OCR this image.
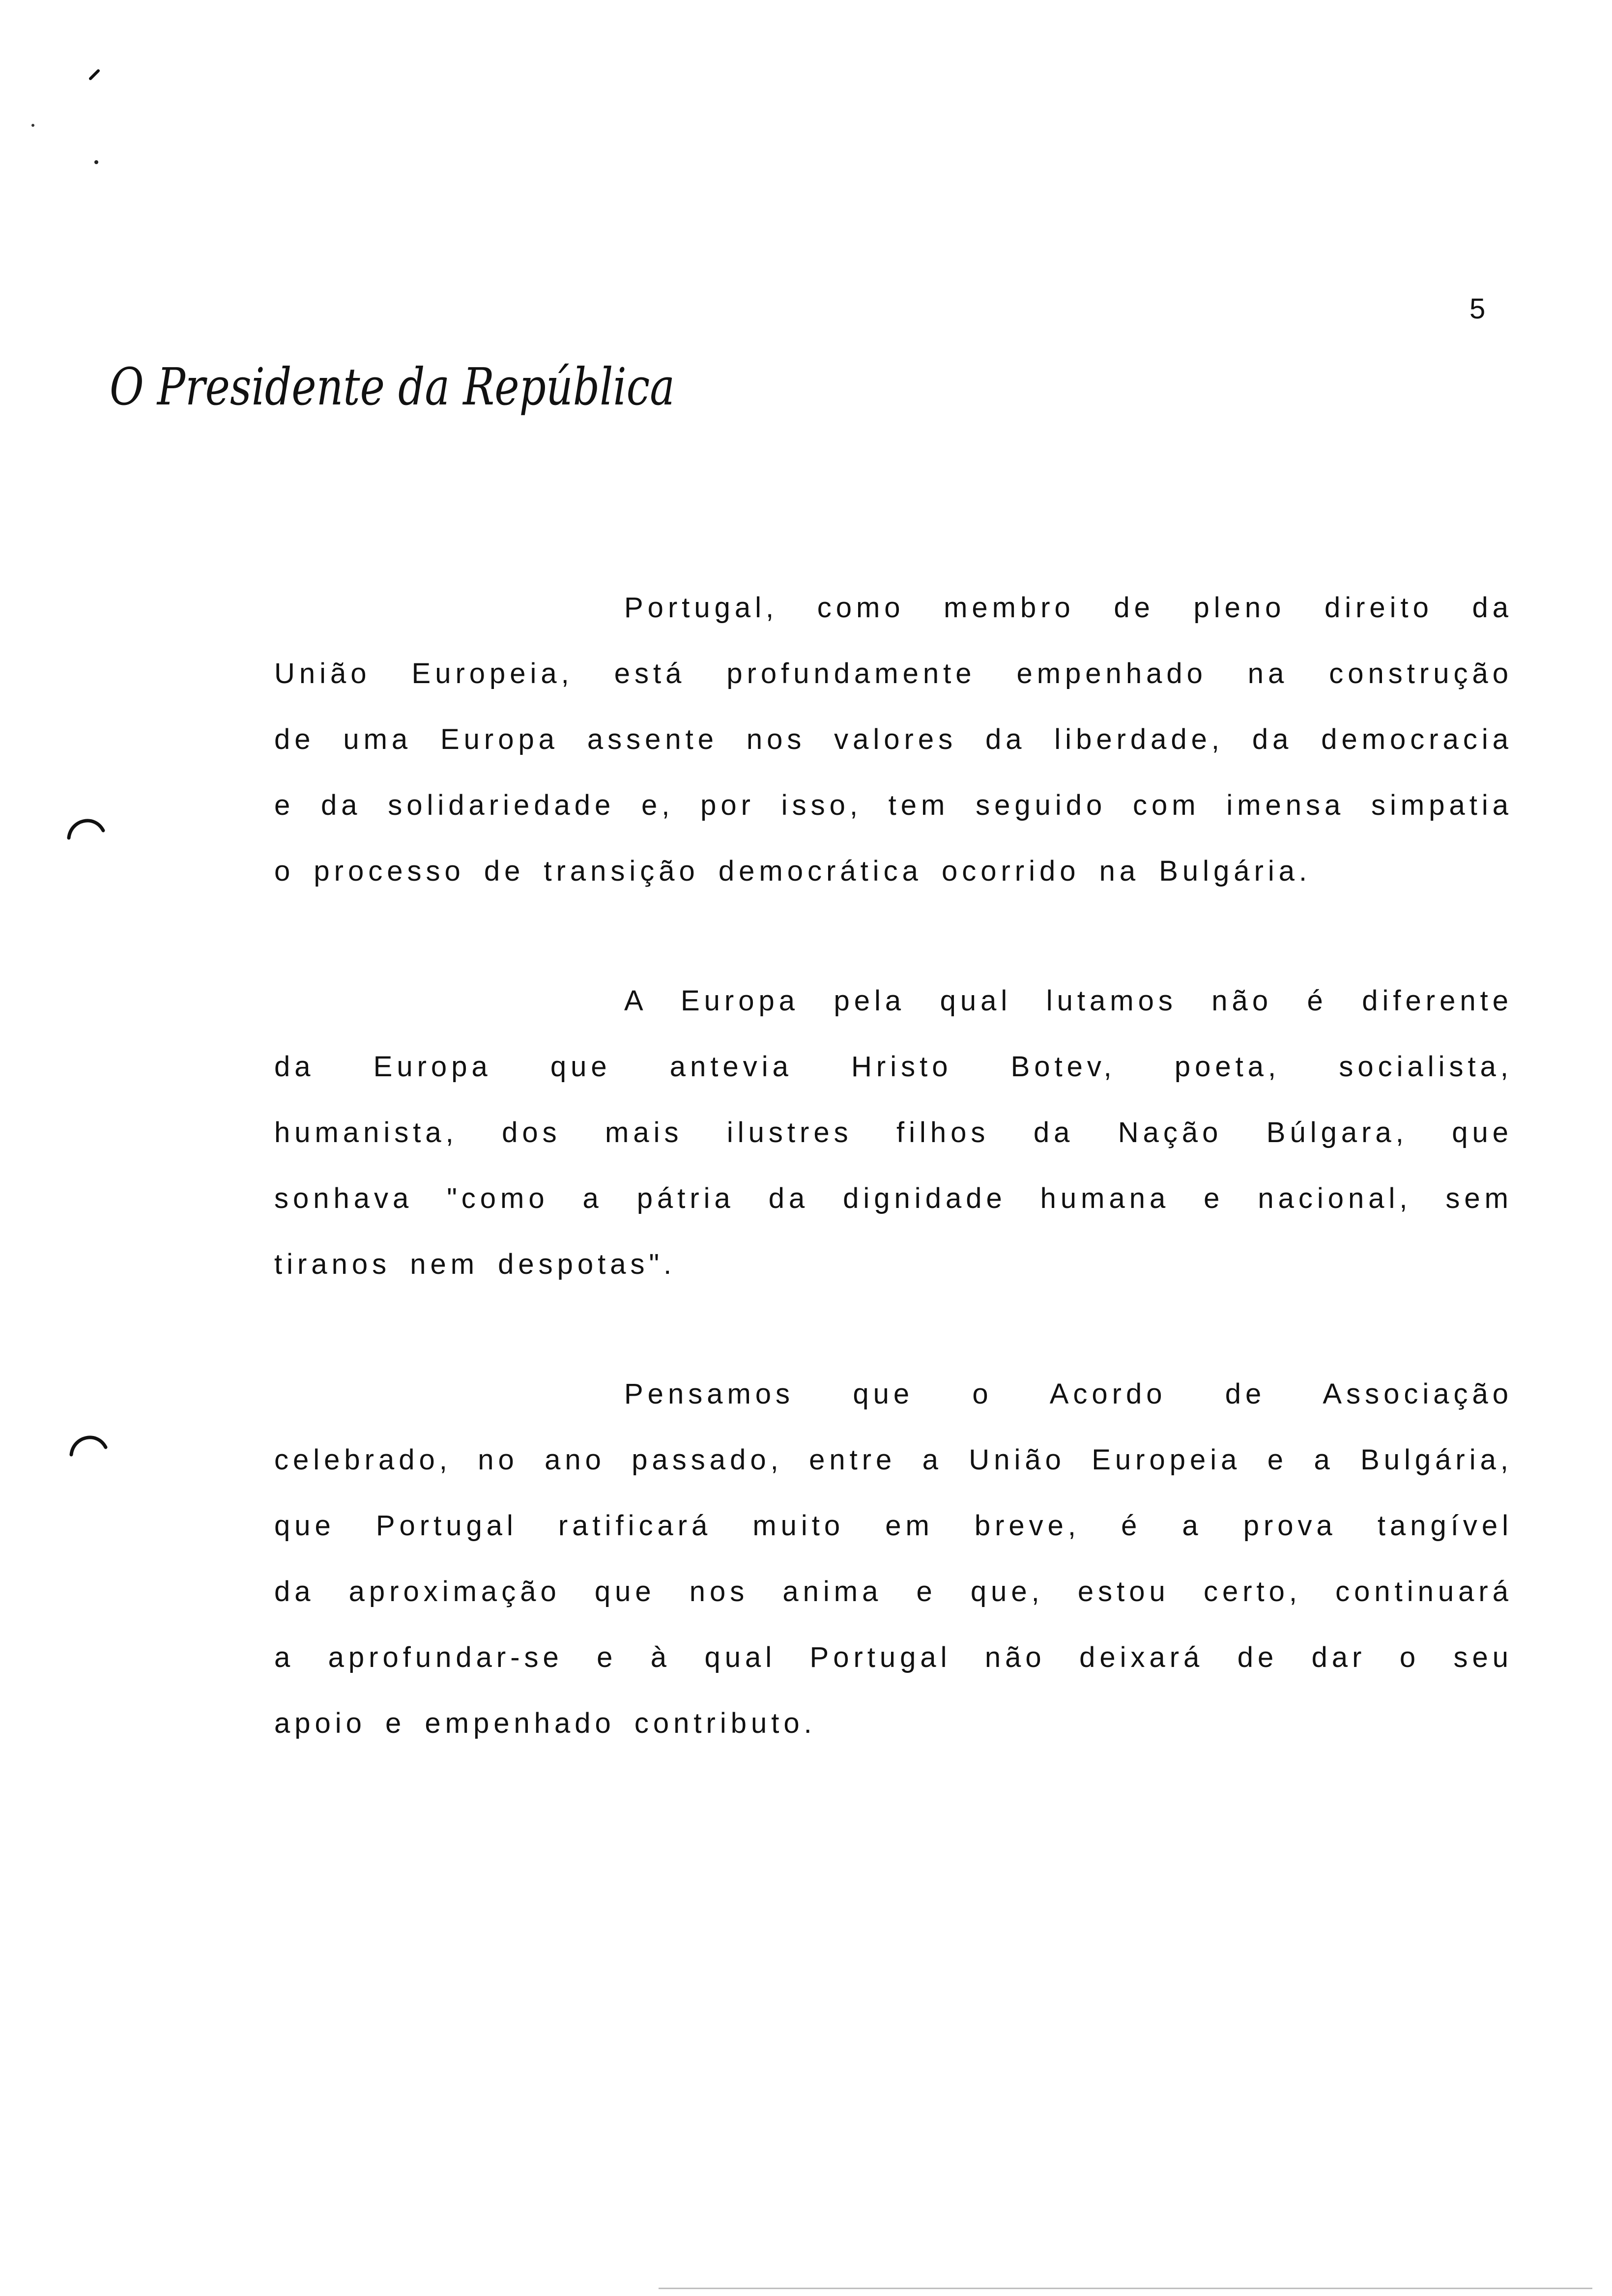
5
O Presidente da República
Portugal, como membro de pleno direito da
União Europeia, está profundamente empenhado na construção
de uma Europa assente nos valores da liberdade, da democracia
e da solidariedade e, por isso, tem seguido com imensa simpatia
o processo de transição democrática ocorrido na Bulgária.
A Europa pela qual lutamos não é diferente
da Europa que antevia Hristo Botev, poeta, socialista,
humanista, dos mais ilustres filhos da Nação Búlgara, que
sonhava "como a pátria da dignidade humana e nacional, sem
tiranos nem despotas".
Pensamos que o Acordo de Associação
celebrado, no ano passado, entre a União Europeia e a Bulgária,
que Portugal ratificará muito em breve, é a prova tangível
da aproximação que nos anima e que, estou certo, continuará
a aprofundar-se e à qual Portugal não deixará de dar o seu
apoio e empenhado contributo.
